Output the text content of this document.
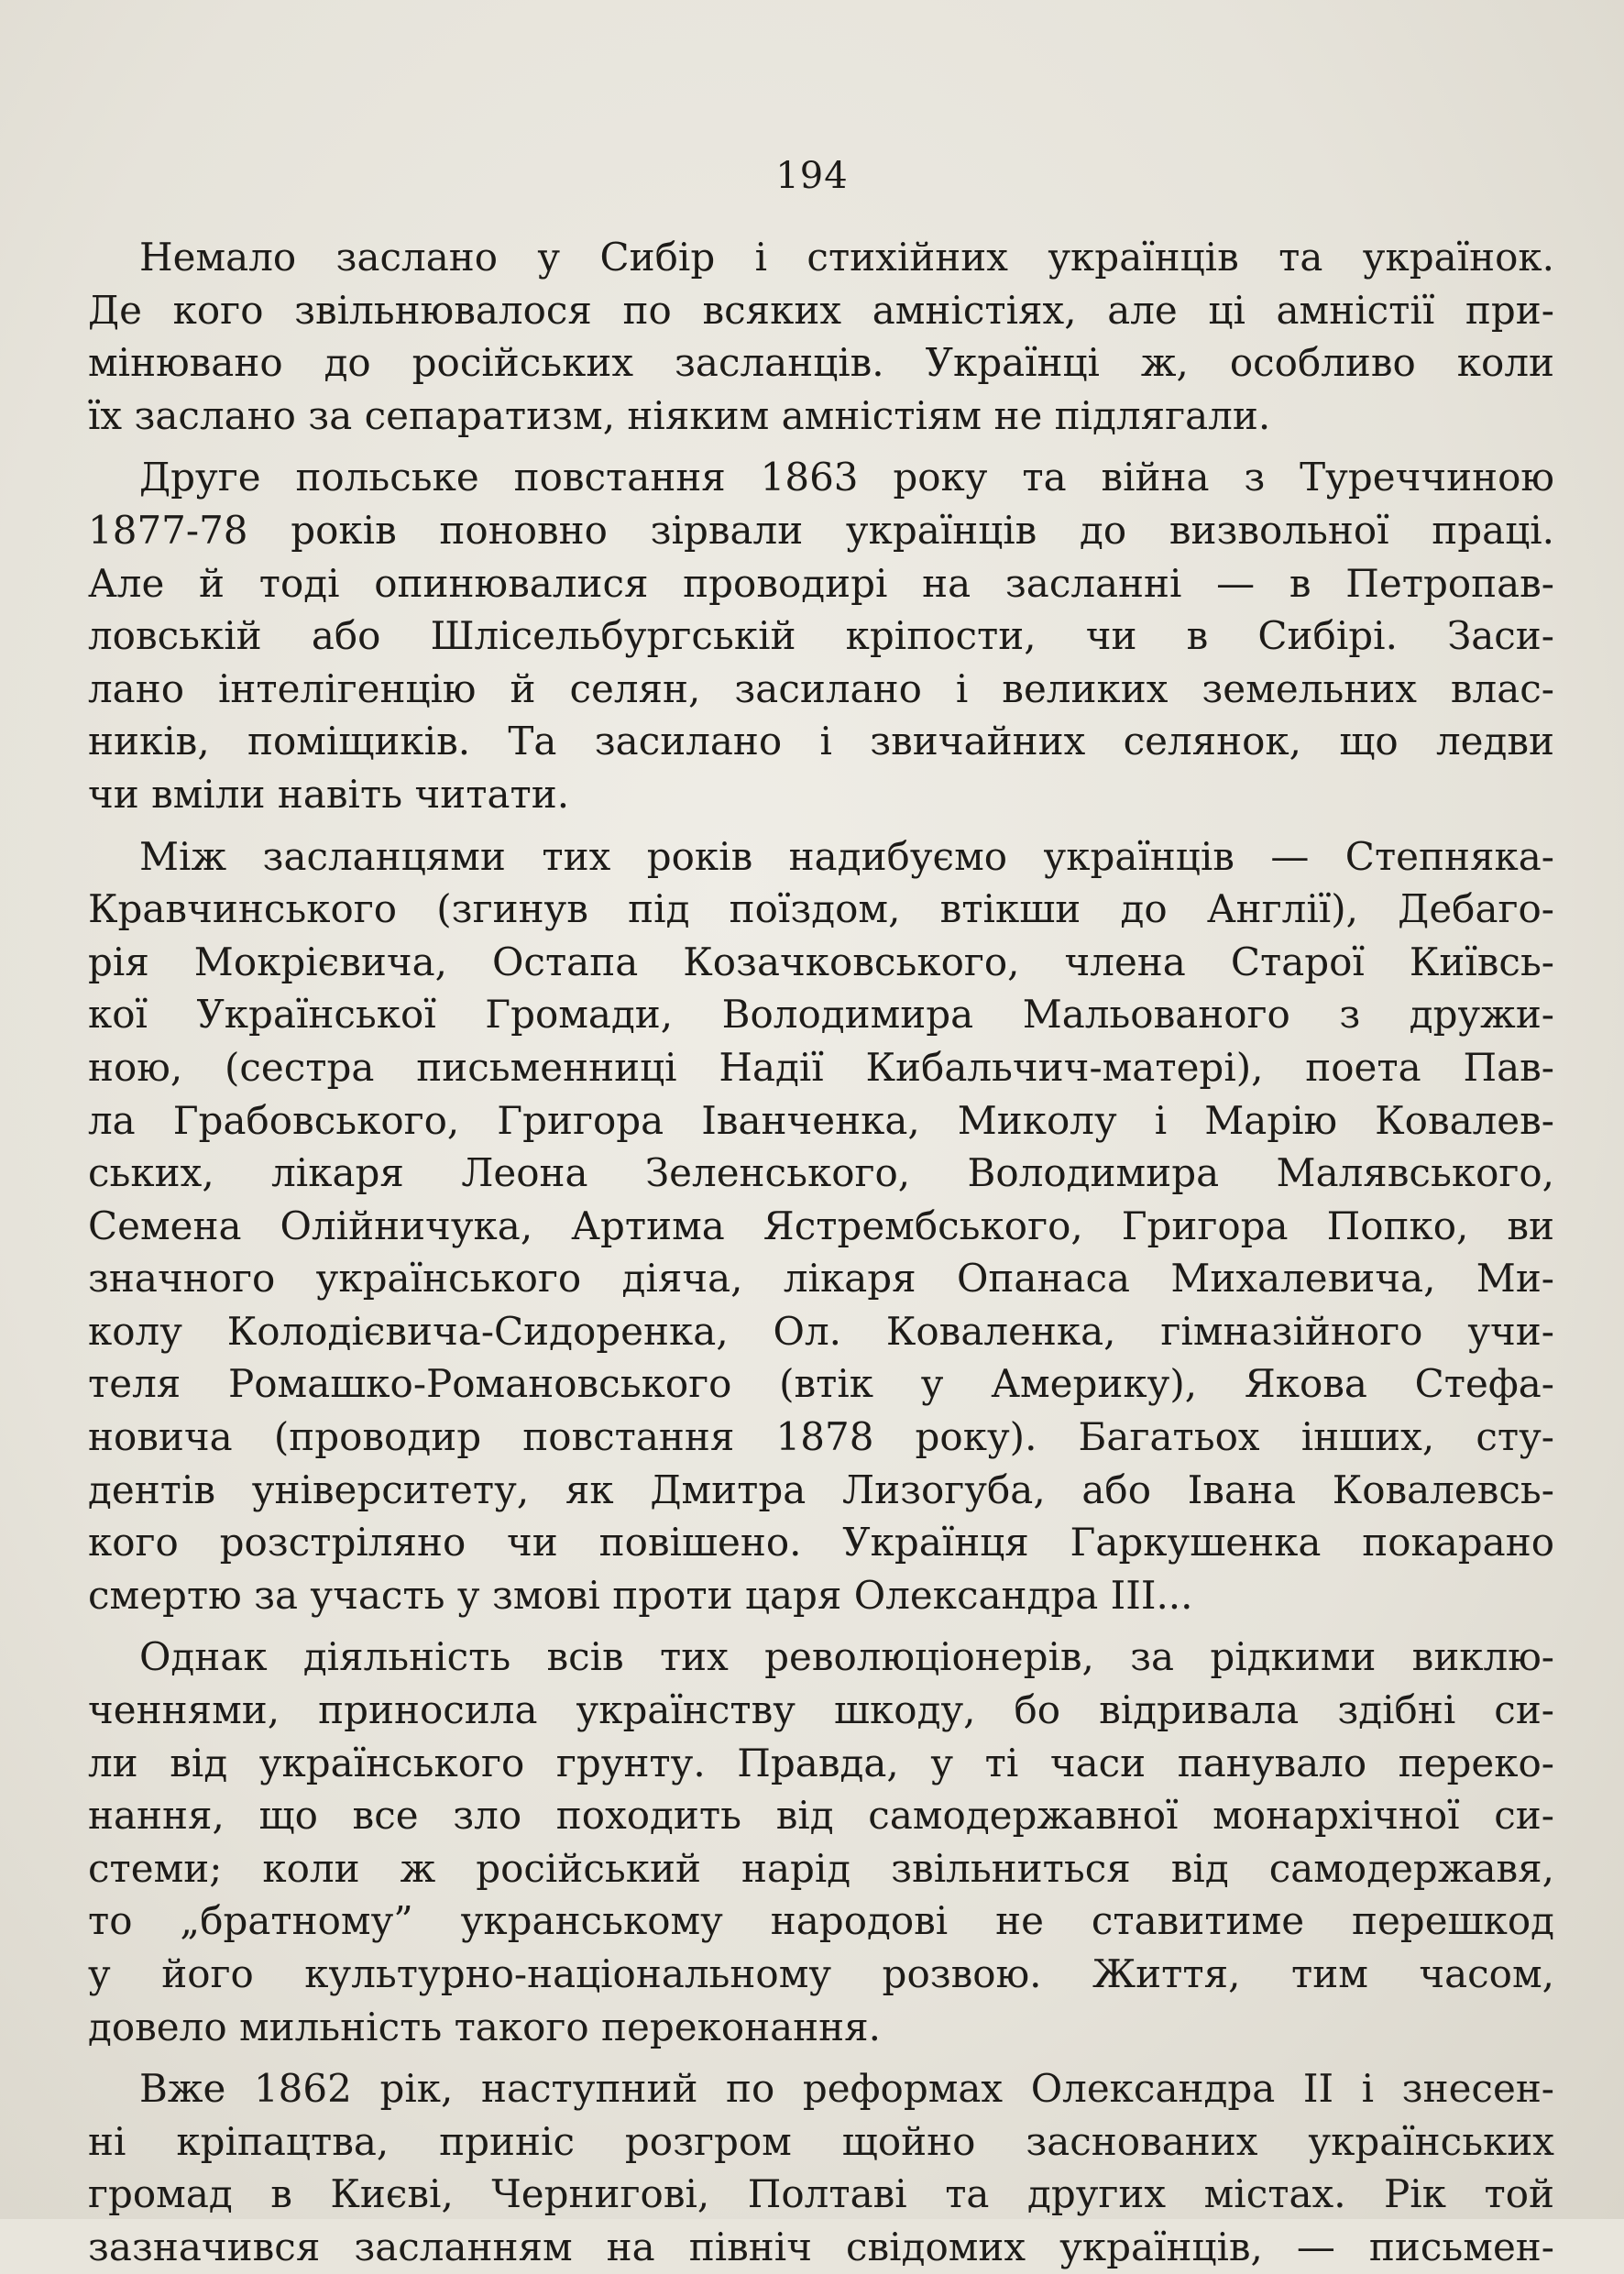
194
Немало заслано у Сибір і стихійних українців та українок.
Де кого звільнювалося по всяких амністіях, але ці амністії при-
мінювано до російських засланців. Українці ж, особливо коли
їх заслано за сепаратизм, ніяким амністіям не підлягали.
Друге польське повстання 1863 року та війна з Туреччиною
1877-78 років поновно зірвали українців до визвольної праці.
Але й тоді опинювалися проводирі на засланні — в Петропав-
ловській або Шлісельбургській кріпости, чи в Сибірі. Заси-
лано інтелігенцію й селян, засилано і великих земельних влас-
ників, поміщиків. Та засилано і звичайних селянок, що ледви
чи вміли навіть читати.
Між засланцями тих років надибуємо українців — Степняка-
Кравчинського (згинув під поїздом, втікши до Англії), Дебаго-
рія Мокрієвича, Остапа Козачковського, члена Старої Київсь-
кої Української Громади, Володимира Мальованого з дружи-
ною, (сестра письменниці Надії Кибальчич-матері), поета Пав-
ла Грабовського, Григора Іванченка, Миколу і Марію Ковалев-
ських, лікаря Леона Зеленського, Володимира Малявського,
Семена Олійничука, Артима Ястрембського, Григора Попко, ви
значного українського діяча, лікаря Опанаса Михалевича, Ми-
колу Колодієвича-Сидоренка, Ол. Коваленка, гімназійного учи-
теля Ромашко-Романовського (втік у Америку), Якова Стефа-
новича (проводир повстання 1878 року). Багатьох інших, сту-
дентів університету, як Дмитра Лизогуба, або Івана Ковалевсь-
кого розстріляно чи повішено. Українця Гаркушенка покарано
смертю за участь у змові проти царя Олександра III...
Однак діяльність всів тих революціонерів, за рідкими виклю-
ченнями, приносила українству шкоду, бо відривала здібні си-
ли від українського грунту. Правда, у ті часи панувало переко-
нання, що все зло походить від самодержавної монархічної си-
стеми; коли ж російський нарід звільниться від самодержавя,
то „братному” укранському народові не ставитиме перешкод
у його культурно-національному розвою. Життя, тим часом,
довело мильність такого переконання.
Вже 1862 рік, наступний по реформах Олександра II і знесен-
ні кріпацтва, приніс розгром щойно заснованих українських
громад в Києві, Чернигові, Полтаві та других містах. Рік той
зазначився засланням на північ свідомих українців, — письмен-
